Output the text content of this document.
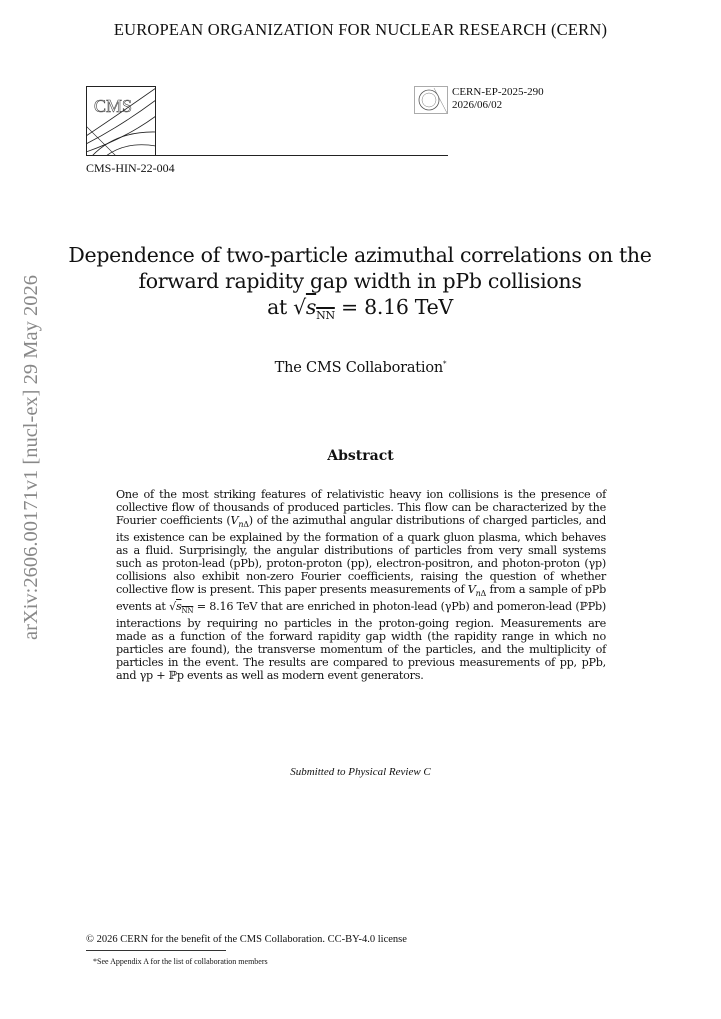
EUROPEAN ORGANIZATION FOR NUCLEAR RESEARCH (CERN)
CMS
CMS-HIN-22-004
CERN-EP-2025-290
2026/06/02
arXiv:2606.00171v1 [nucl-ex] 29 May 2026
Dependence of two-particle azimuthal correlations on the
forward rapidity gap width in pPb collisions
at $√s_{NN} = 8.16$ TeV
The CMS Collaboration*
Abstract
One of the most striking features of relativistic heavy ion collisions is the presence of collective flow of thousands of produced particles. This flow can be characterized by the Fourier coefficients $(V_{n\Delta})$ of the azimuthal angular distributions of charged particles, and its existence can be explained by the formation of a quark gluon plasma, which behaves as a fluid. Surprisingly, the angular distributions of particles from very small systems such as proton-lead (pPb), proton-proton (pp), electron-positron, and photon-proton (γp) collisions also exhibit non-zero Fourier coefficients, raising the question of whether collective flow is present. This paper presents measurements of $V_{n\Delta}$ from a sample of pPb events at $√s_{NN} = 8.16$ TeV that are enriched in photon-lead (γPb) and pomeron-lead (ℙPb) interactions by requiring no particles in the proton-going region. Measurements are made as a function of the forward rapidity gap width (the rapidity range in which no particles are found), the transverse momentum of the particles, and the multiplicity of particles in the event. The results are compared to previous measurements of pp, pPb, and γp + ℙp events as well as modern event generators.
Submitted to Physical Review C
© 2026 CERN for the benefit of the CMS Collaboration. CC-BY-4.0 license
*See Appendix A for the list of collaboration members
